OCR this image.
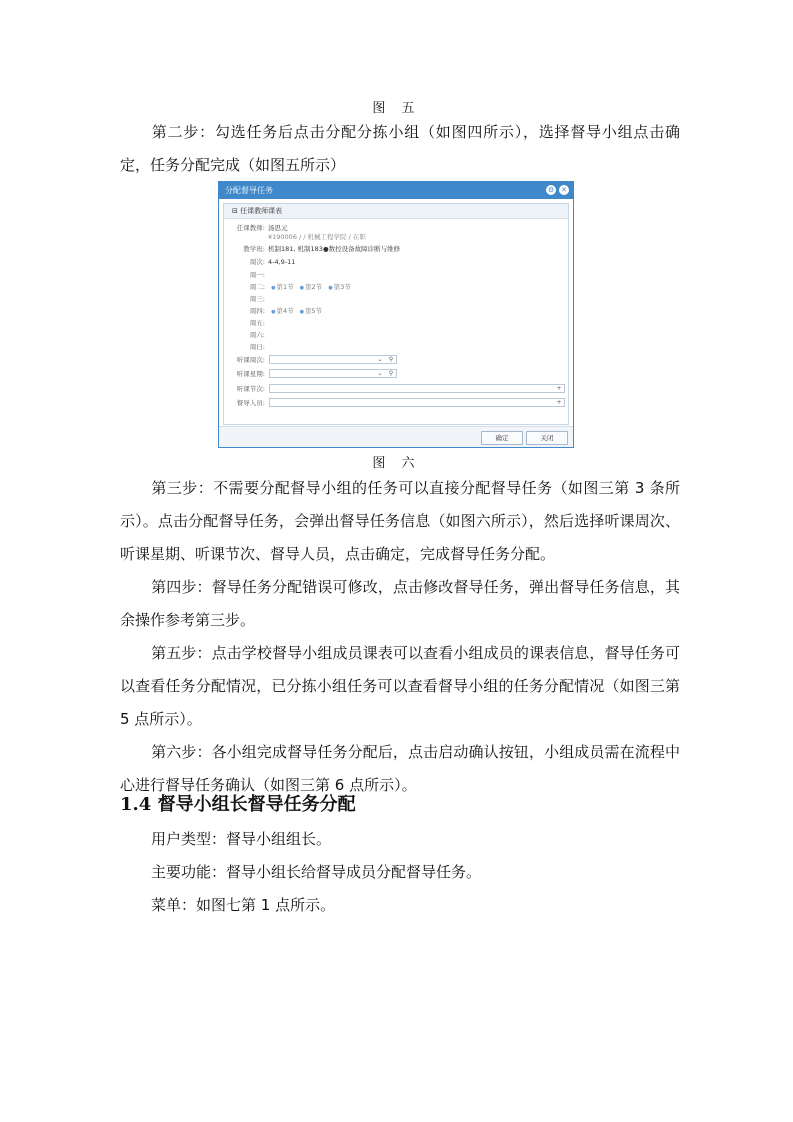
图 五
第二步：勾选任务后点击分配分拣小组（如图四所示），选择督导小组点击确定，任务分配完成（如图五所示）
分配督导任务	⚙ ✕
⊟ 任课教师课表
任课教师: 汤思元
¥190006 / / 机械工程学院 / 在职
教学班: 机制181, 机制183●数控设备故障诊断与维修
周次: 4-4,9-11
周一:
周二: ● 第1节 ● 第2节 ● 第3节
周三:
周四: ● 第4节 ● 第5节
周五:
周六:
周日:
听课周次:	⌄	⚲
听课星期:	⌄	⚲
听课节次:	+
督导人员:	+
确定	关闭
图 六
第三步：不需要分配督导小组的任务可以直接分配督导任务（如图三第 3 条所示）。点击分配督导任务，会弹出督导任务信息（如图六所示），然后选择听课周次、听课星期、听课节次、督导人员，点击确定，完成督导任务分配。
第四步：督导任务分配错误可修改，点击修改督导任务，弹出督导任务信息，其余操作参考第三步。
第五步：点击学校督导小组成员课表可以查看小组成员的课表信息，督导任务可以查看任务分配情况，已分拣小组任务可以查看督导小组的任务分配情况（如图三第 5 点所示）。
第六步：各小组完成督导任务分配后，点击启动确认按钮，小组成员需在流程中心进行督导任务确认（如图三第 6 点所示）。
1.4 督导小组长督导任务分配
用户类型：督导小组组长。
主要功能：督导小组长给督导成员分配督导任务。
菜单：如图七第 1 点所示。
